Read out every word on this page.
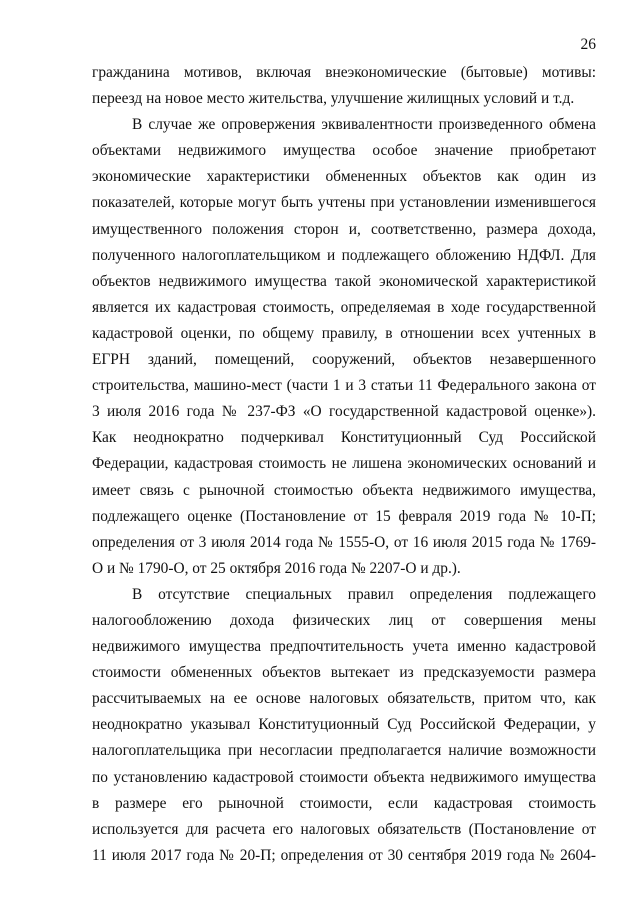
26
гражданина мотивов, включая внеэкономические (бытовые) мотивы:
переезд на новое место жительства, улучшение жилищных условий и т.д.
В случае же опровержения эквивалентности произведенного обмена
объектами недвижимого имущества особое значение приобретают
экономические характеристики обмененных объектов как один из
показателей, которые могут быть учтены при установлении изменившегося
имущественного положения сторон и, соответственно, размера дохода,
полученного налогоплательщиком и подлежащего обложению НДФЛ. Для
объектов недвижимого имущества такой экономической характеристикой
является их кадастровая стоимость, определяемая в ходе государственной
кадастровой оценки, по общему правилу, в отношении всех учтенных в
ЕГРН зданий, помещений, сооружений, объектов незавершенного
строительства, машино-мест (части 1 и 3 статьи 11 Федерального закона от
3 июля 2016 года № 237-ФЗ «О государственной кадастровой оценке»).
Как неоднократно подчеркивал Конституционный Суд Российской
Федерации, кадастровая стоимость не лишена экономических оснований и
имеет связь с рыночной стоимостью объекта недвижимого имущества,
подлежащего оценке (Постановление от 15 февраля 2019 года № 10-П;
определения от 3 июля 2014 года № 1555-О, от 16 июля 2015 года № 1769-
О и № 1790-О, от 25 октября 2016 года № 2207-О и др.).
В отсутствие специальных правил определения подлежащего
налогообложению дохода физических лиц от совершения мены
недвижимого имущества предпочтительность учета именно кадастровой
стоимости обмененных объектов вытекает из предсказуемости размера
рассчитываемых на ее основе налоговых обязательств, притом что, как
неоднократно указывал Конституционный Суд Российской Федерации, у
налогоплательщика при несогласии предполагается наличие возможности
по установлению кадастровой стоимости объекта недвижимого имущества
в размере его рыночной стоимости, если кадастровая стоимость
используется для расчета его налоговых обязательств (Постановление от
11 июля 2017 года № 20-П; определения от 30 сентября 2019 года № 2604-
